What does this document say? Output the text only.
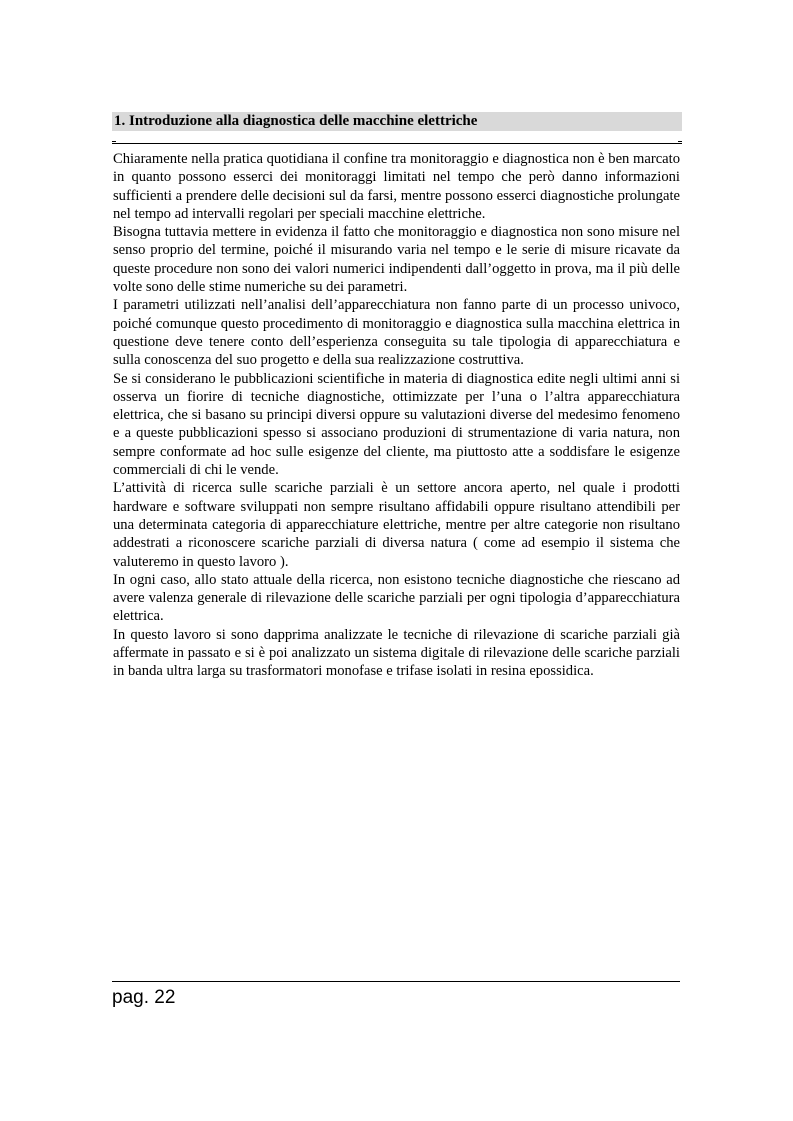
1. Introduzione alla diagnostica delle macchine elettriche

Chiaramente nella pratica quotidiana il confine tra monitoraggio e diagnostica non è ben marcato in quanto possono esserci dei monitoraggi limitati nel tempo che però danno informazioni sufficienti a prendere delle decisioni sul da farsi, mentre possono esserci diagnostiche prolungate nel tempo ad intervalli regolari per speciali macchine elettriche.

Bisogna tuttavia mettere in evidenza il fatto che monitoraggio e diagnostica non sono misure nel senso proprio del termine, poiché il misurando varia nel tempo e le serie di misure ricavate da queste procedure non sono dei valori numerici indipendenti dall’oggetto in prova, ma il più delle volte sono delle stime numeriche su dei parametri.

I parametri utilizzati nell’analisi dell’apparecchiatura non fanno parte di un processo univoco, poiché comunque questo procedimento di monitoraggio e diagnostica sulla macchina elettrica in questione deve tenere conto dell’esperienza conseguita su tale tipologia di apparecchiatura e sulla conoscenza del suo progetto e della sua realizzazione costruttiva.

Se si considerano le pubblicazioni scientifiche in materia di diagnostica edite negli ultimi anni si osserva un fiorire di tecniche diagnostiche, ottimizzate per l’una o l’altra apparecchiatura elettrica, che si basano su principi diversi oppure su valutazioni diverse del medesimo fenomeno e a queste pubblicazioni spesso si associano produzioni di strumentazione di varia natura, non sempre conformate ad hoc sulle esigenze del cliente, ma piuttosto atte a soddisfare le esigenze commerciali di chi le vende.

L’attività di ricerca sulle scariche parziali è un settore ancora aperto, nel quale i prodotti hardware e software sviluppati non sempre risultano affidabili oppure risultano attendibili per una determinata categoria di apparecchiature elettriche, mentre per altre categorie non risultano addestrati a riconoscere scariche parziali di diversa natura ( come ad esempio il sistema che valuteremo in questo lavoro ).

In ogni caso, allo stato attuale della ricerca, non esistono tecniche diagnostiche che riescano ad avere valenza generale di rilevazione delle scariche parziali per ogni tipologia d’apparecchiatura elettrica.

In questo lavoro si sono dapprima analizzate le tecniche di rilevazione di scariche parziali già affermate in passato e si è poi analizzato un sistema digitale di rilevazione delle scariche parziali in banda ultra larga su trasformatori monofase e trifase isolati in resina epossidica.

pag. 22
